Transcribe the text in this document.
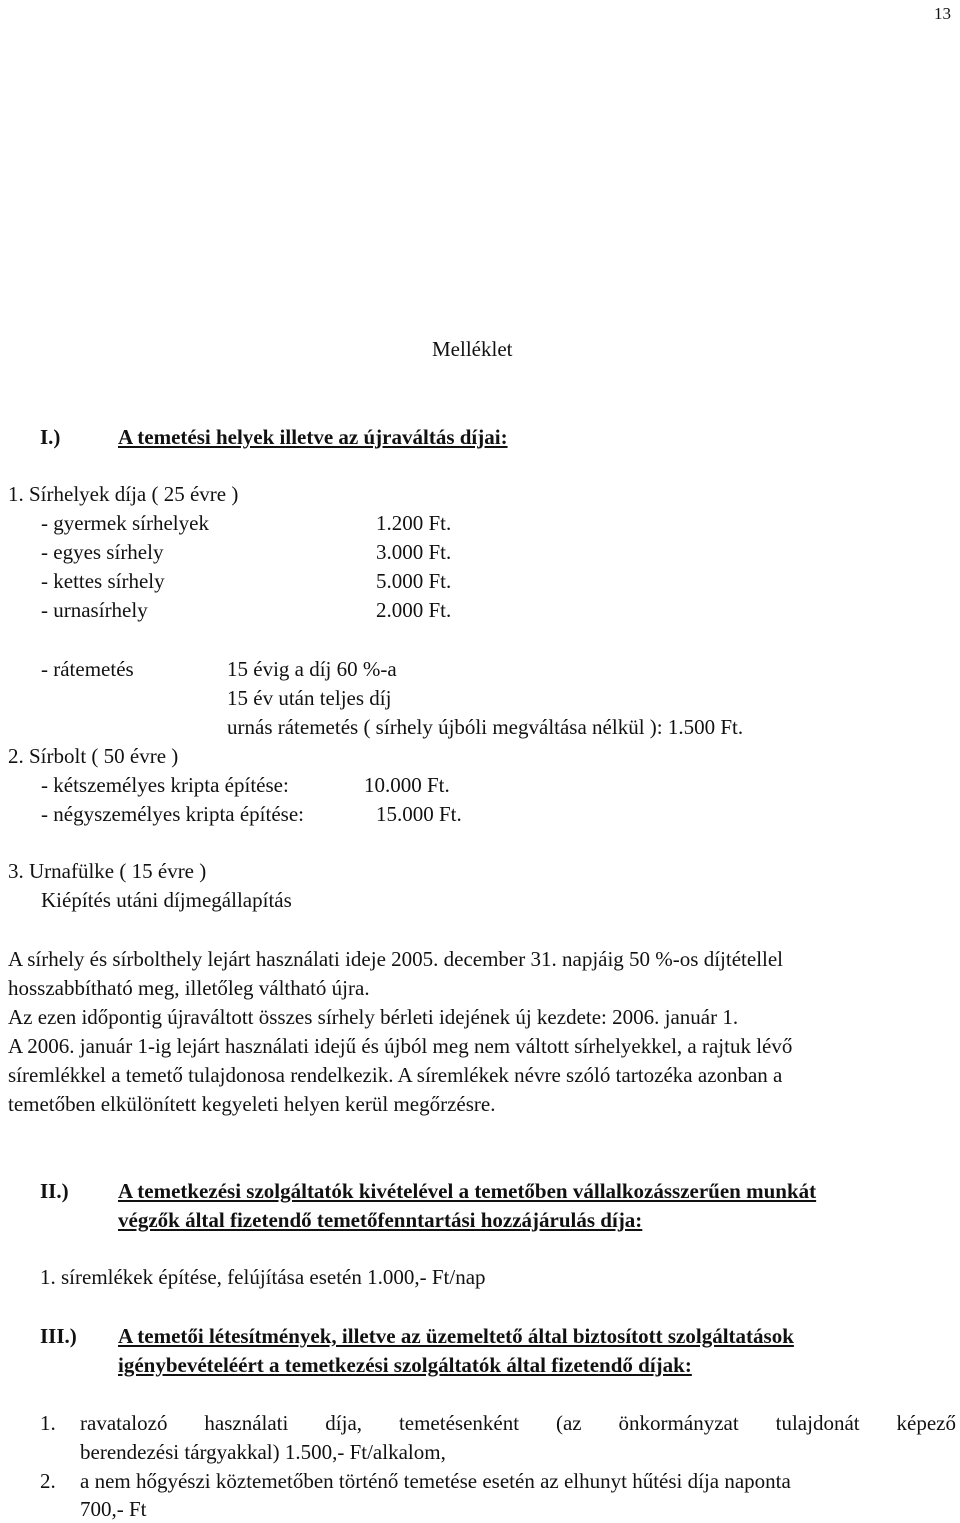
13
Melléklet
I.)	A temetési helyek illetve az újraváltás díjai:
1. Sírhelyek díja ( 25 évre )
- gyermek sírhelyek	1.200 Ft.
- egyes sírhely	3.000 Ft.
- kettes sírhely	5.000 Ft.
- urnasírhely	2.000 Ft.
- rátemetés	15 évig a díj 60 %-a
15 év után teljes díj
urnás rátemetés ( sírhely újbóli megváltása nélkül ): 1.500 Ft.
2. Sírbolt ( 50 évre )
- kétszemélyes kripta építése:	10.000 Ft.
- négyszemélyes kripta építése:	15.000 Ft.
3. Urnafülke ( 15 évre )
Kiépítés utáni díjmegállapítás
A sírhely és sírbolthely lejárt használati ideje 2005. december 31. napjáig 50 %-os díjtétellel
hosszabbítható meg, illetőleg váltható újra.
Az ezen időpontig újraváltott összes sírhely bérleti idejének új kezdete: 2006. január 1.
A 2006. január 1-ig lejárt használati idejű és újból meg nem váltott sírhelyekkel, a rajtuk lévő
síremlékkel a temető tulajdonosa rendelkezik. A síremlékek névre szóló tartozéka azonban a
temetőben elkülönített kegyeleti helyen kerül megőrzésre.
II.) A temetkezési szolgáltatók kivételével a temetőben vállalkozásszerűen munkát
végzők által fizetendő temetőfenntartási hozzájárulás díja:
1. síremlékek építése, felújítása esetén 1.000,- Ft/nap
III.) A temetői létesítmények, illetve az üzemeltető által biztosított szolgáltatások
igénybevételéért a temetkezési szolgáltatók által fizetendő díjak:
1. ravatalozó használati díja, temetésenként (az önkormányzat tulajdonát képező
berendezési tárgyakkal) 1.500,- Ft/alkalom,
2. a nem hőgyészi köztemetőben történő temetése esetén az elhunyt hűtési díja naponta
700,- Ft
